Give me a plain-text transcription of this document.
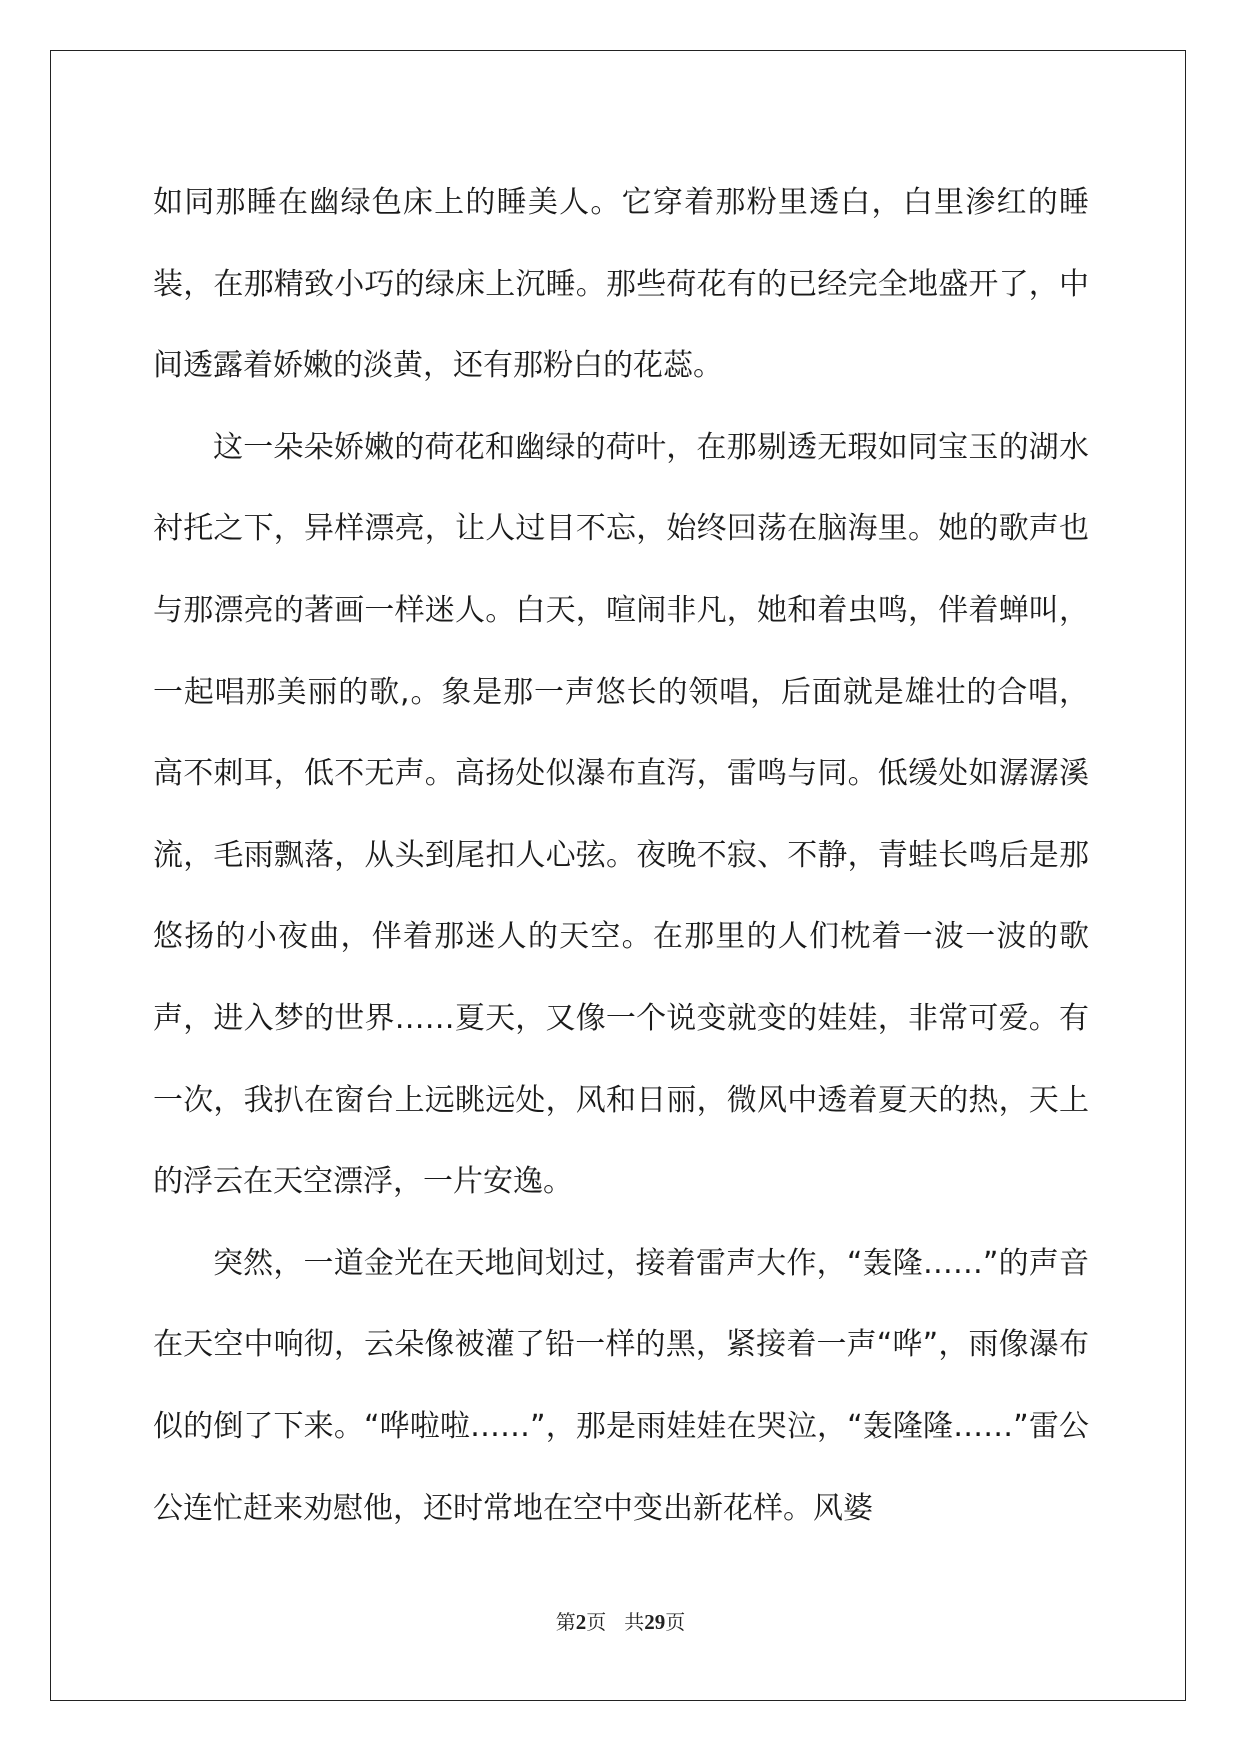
如同那睡在幽绿色床上的睡美人。它穿着那粉里透白，白里渗红的睡装，在那精致小巧的绿床上沉睡。那些荷花有的已经完全地盛开了，中间透露着娇嫩的淡黄，还有那粉白的花蕊。

这一朵朵娇嫩的荷花和幽绿的荷叶，在那剔透无瑕如同宝玉的湖水衬托之下，异样漂亮，让人过目不忘，始终回荡在脑海里。她的歌声也与那漂亮的著画一样迷人。白天，喧闹非凡，她和着虫鸣，伴着蝉叫，一起唱那美丽的歌,。象是那一声悠长的领唱，后面就是雄壮的合唱，高不刺耳，低不无声。高扬处似瀑布直泻，雷鸣与同。低缓处如潺潺溪流，毛雨飘落，从头到尾扣人心弦。夜晚不寂、不静，青蛙长鸣后是那悠扬的小夜曲，伴着那迷人的天空。在那里的人们枕着一波一波的歌声，进入梦的世界……夏天，又像一个说变就变的娃娃，非常可爱。有一次，我扒在窗台上远眺远处，风和日丽，微风中透着夏天的热，天上的浮云在天空漂浮，一片安逸。

突然，一道金光在天地间划过，接着雷声大作，“轰隆……”的声音在天空中响彻，云朵像被灌了铅一样的黑，紧接着一声“哗”，雨像瀑布似的倒了下来。“哗啦啦……”，那是雨娃娃在哭泣，“轰隆隆……”雷公公连忙赶来劝慰他，还时常地在空中变出新花样。风婆

第2页 共29页
